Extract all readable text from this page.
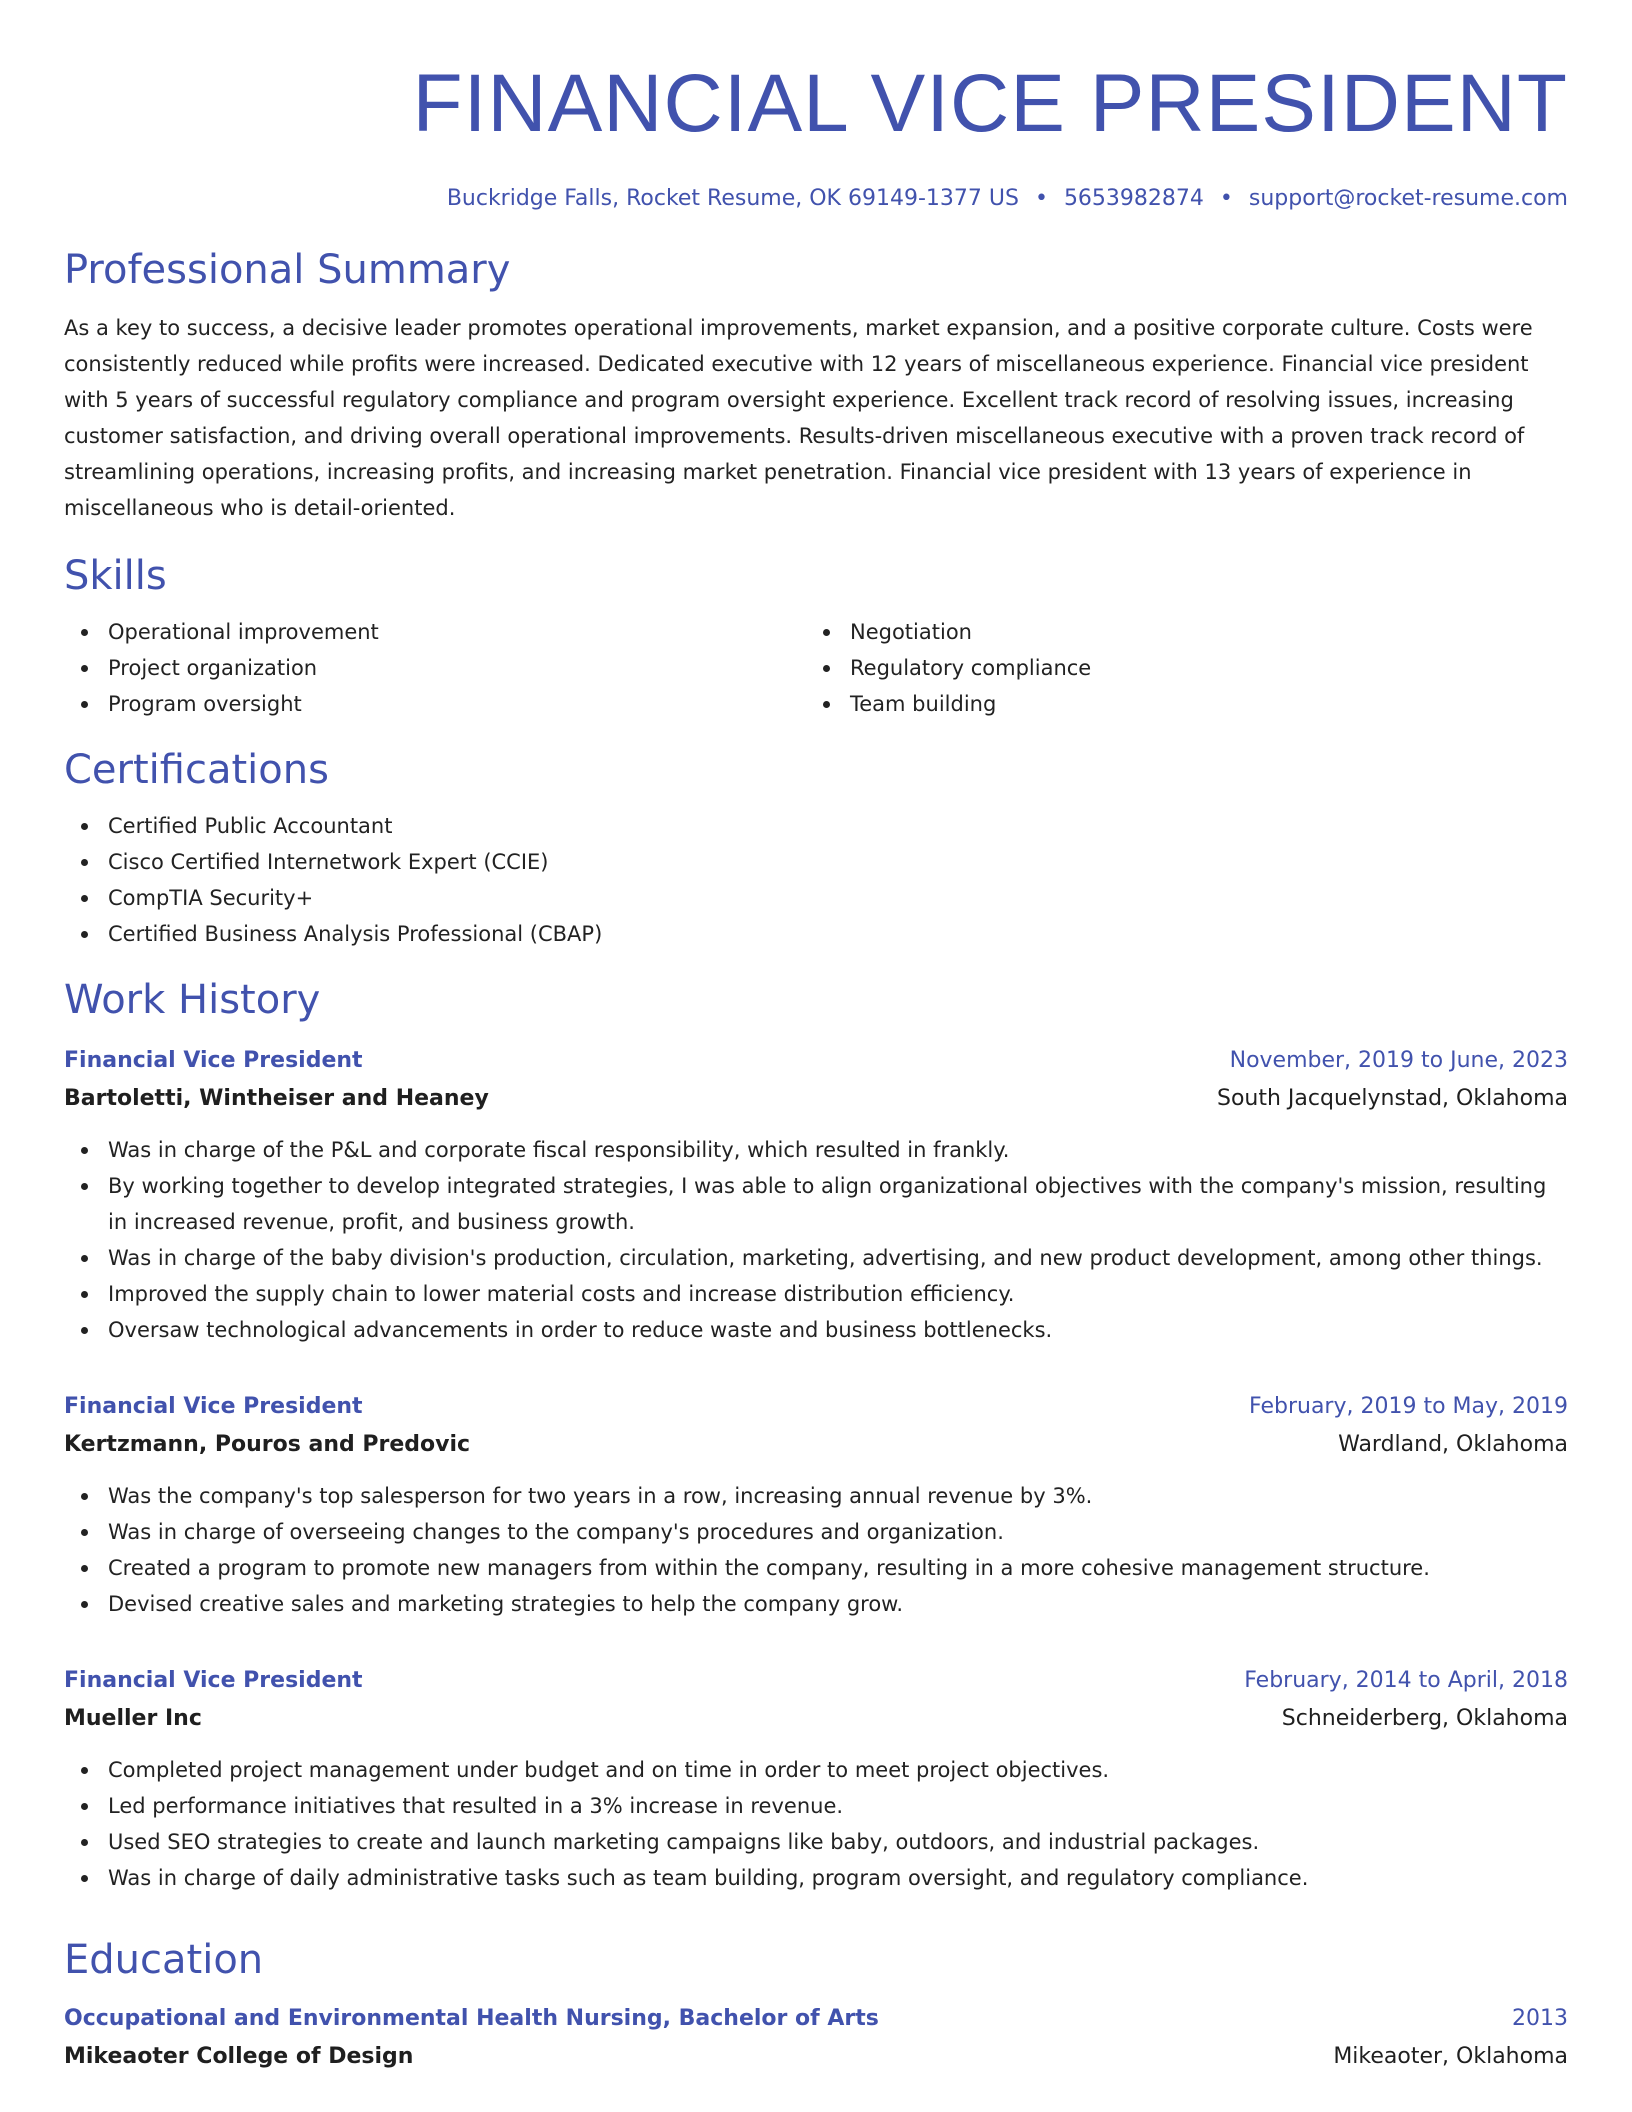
FINANCIAL VICE PRESIDENT
Buckridge Falls, Rocket Resume, OK 69149-1377 US • 5653982874 • support@rocket-resume.com
Professional Summary

As a key to success, a decisive leader promotes operational improvements, market expansion, and a positive corporate culture. Costs were consistently reduced while profits were increased. Dedicated executive with 12 years of miscellaneous experience. Financial vice president with 5 years of successful regulatory compliance and program oversight experience. Excellent track record of resolving issues, increasing customer satisfaction, and driving overall operational improvements. Results-driven miscellaneous executive with a proven track record of streamlining operations, increasing profits, and increasing market penetration. Financial vice president with 13 years of experience in miscellaneous who is detail-oriented.

Skills
Operational improvement
Project organization
Program oversight
Negotiation
Regulatory compliance
Team building
Certifications
Certified Public Accountant
Cisco Certified Internetwork Expert (CCIE)
CompTIA Security+
Certified Business Analysis Professional (CBAP)
Work History
Financial Vice President	November, 2019 to June, 2023
Bartoletti, Wintheiser and Heaney	South Jacquelynstad, Oklahoma
Was in charge of the P&L and corporate fiscal responsibility, which resulted in frankly.
By working together to develop integrated strategies, I was able to align organizational objectives with the company's mission, resulting in increased revenue, profit, and business growth.
Was in charge of the baby division's production, circulation, marketing, advertising, and new product development, among other things.
Improved the supply chain to lower material costs and increase distribution efficiency.
Oversaw technological advancements in order to reduce waste and business bottlenecks.
Financial Vice President	February, 2019 to May, 2019
Kertzmann, Pouros and Predovic	Wardland, Oklahoma
Was the company's top salesperson for two years in a row, increasing annual revenue by 3%.
Was in charge of overseeing changes to the company's procedures and organization.
Created a program to promote new managers from within the company, resulting in a more cohesive management structure.
Devised creative sales and marketing strategies to help the company grow.
Financial Vice President	February, 2014 to April, 2018
Mueller Inc	Schneiderberg, Oklahoma
Completed project management under budget and on time in order to meet project objectives.
Led performance initiatives that resulted in a 3% increase in revenue.
Used SEO strategies to create and launch marketing campaigns like baby, outdoors, and industrial packages.
Was in charge of daily administrative tasks such as team building, program oversight, and regulatory compliance.
Education
Occupational and Environmental Health Nursing, Bachelor of Arts	2013
Mikeaoter College of Design	Mikeaoter, Oklahoma
